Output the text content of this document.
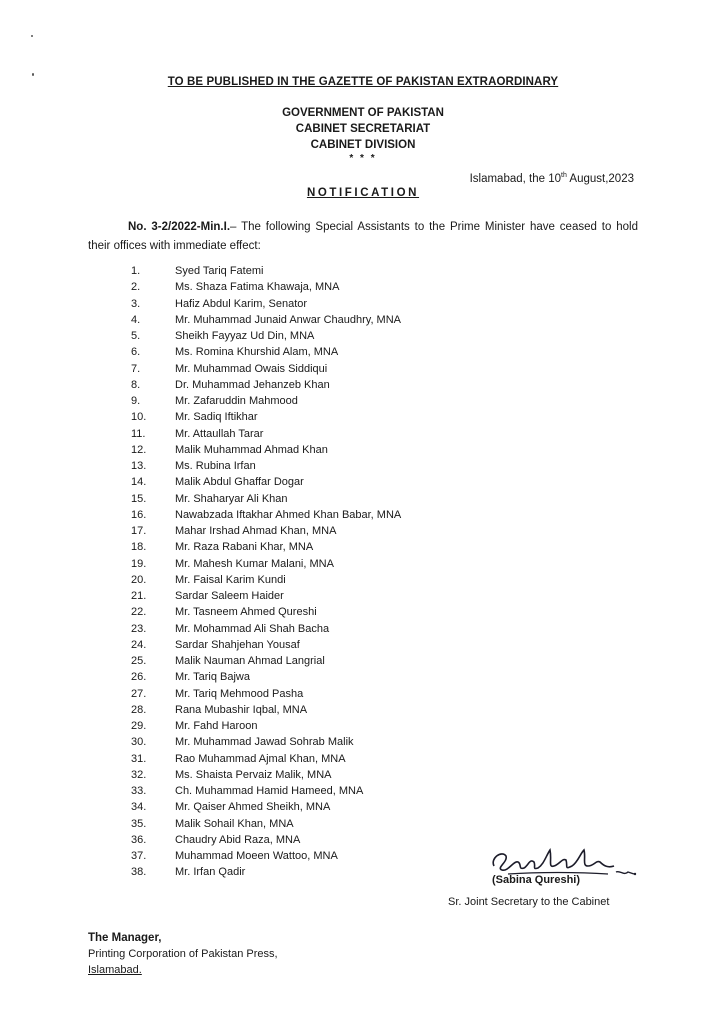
TO BE PUBLISHED IN THE GAZETTE OF PAKISTAN EXTRAORDINARY
GOVERNMENT OF PAKISTAN
CABINET SECRETARIAT
CABINET DIVISION
* * *
Islamabad, the 10th August,2023
NOTIFICATION
No. 3-2/2022-Min.I.– The following Special Assistants to the Prime Minister have ceased to hold their offices with immediate effect:
1.	Syed Tariq Fatemi
2.	Ms. Shaza Fatima Khawaja, MNA
3.	Hafiz Abdul Karim, Senator
4.	Mr. Muhammad Junaid Anwar Chaudhry, MNA
5.	Sheikh Fayyaz Ud Din, MNA
6.	Ms. Romina Khurshid Alam, MNA
7.	Mr. Muhammad Owais Siddiqui
8.	Dr. Muhammad Jehanzeb Khan
9.	Mr. Zafaruddin Mahmood
10.	Mr. Sadiq Iftikhar
11.	Mr. Attaullah Tarar
12.	Malik Muhammad Ahmad Khan
13.	Ms. Rubina Irfan
14.	Malik Abdul Ghaffar Dogar
15.	Mr. Shaharyar Ali Khan
16.	Nawabzada Iftakhar Ahmed Khan Babar, MNA
17.	Mahar Irshad Ahmad Khan, MNA
18.	Mr. Raza Rabani Khar, MNA
19.	Mr. Mahesh Kumar Malani, MNA
20.	Mr. Faisal Karim Kundi
21.	Sardar Saleem Haider
22.	Mr. Tasneem Ahmed Qureshi
23.	Mr. Mohammad Ali Shah Bacha
24.	Sardar Shahjehan Yousaf
25.	Malik Nauman Ahmad Langrial
26.	Mr. Tariq Bajwa
27.	Mr. Tariq Mehmood Pasha
28.	Rana Mubashir Iqbal, MNA
29.	Mr. Fahd Haroon
30.	Mr. Muhammad Jawad Sohrab Malik
31.	Rao Muhammad Ajmal Khan, MNA
32.	Ms. Shaista Pervaiz Malik, MNA
33.	Ch. Muhammad Hamid Hameed, MNA
34.	Mr. Qaiser Ahmed Sheikh, MNA
35.	Malik Sohail Khan, MNA
36.	Chaudry Abid Raza, MNA
37.	Muhammad Moeen Wattoo, MNA
38.	Mr. Irfan Qadir
(Sabina Qureshi)
Sr. Joint Secretary to the Cabinet
The Manager,
Printing Corporation of Pakistan Press,
Islamabad.
